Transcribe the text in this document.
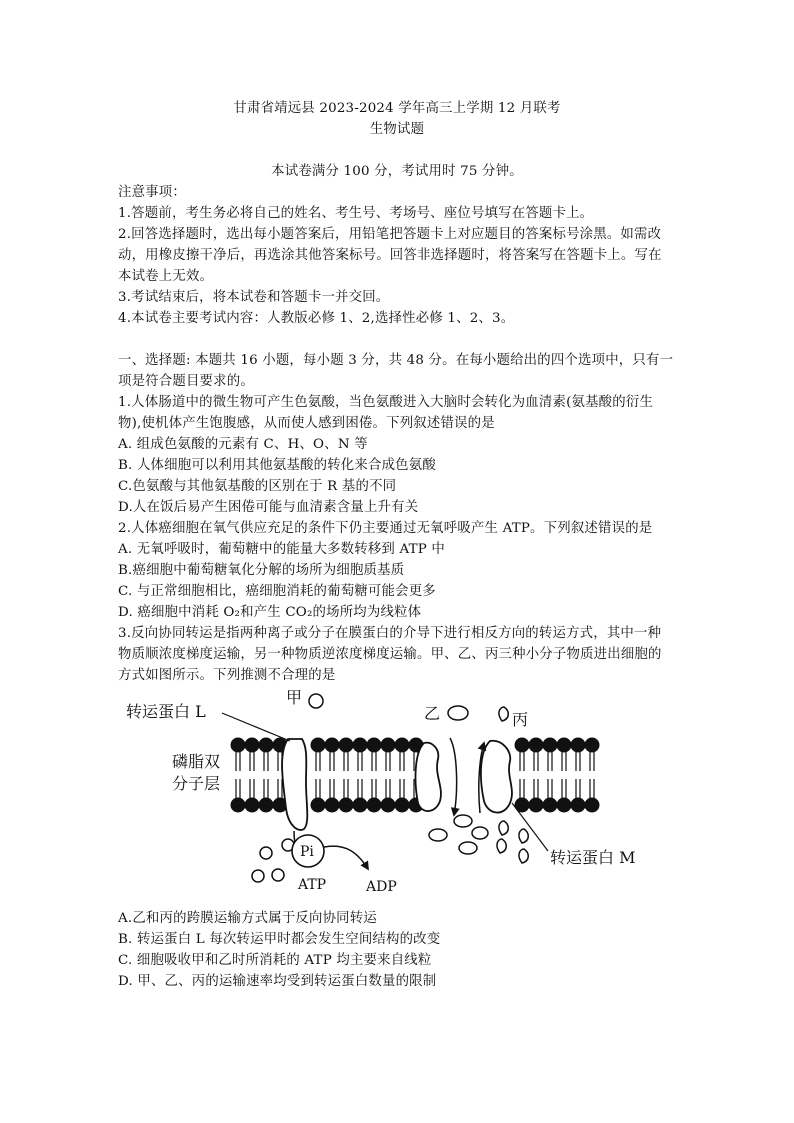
甘肃省靖远县 2023-2024 学年高三上学期 12 月联考
生物试题
本试卷满分 100 分，考试用时 75 分钟。
注意事项：
1.答题前，考生务必将自己的姓名、考生号、考场号、座位号填写在答题卡上。
2.回答选择题时，选出每小题答案后，用铅笔把答题卡上对应题目的答案标号涂黑。如需改
动，用橡皮擦干净后，再选涂其他答案标号。回答非选择题时，将答案写在答题卡上。写在
本试卷上无效。
3.考试结束后，将本试卷和答题卡一并交回。
4.本试卷主要考试内容：人教版必修 1、2,选择性必修 1、2、3。
一、选择题: 本题共 16 小题，每小题 3 分，共 48 分。在每小题给出的四个选项中，只有一
项是符合题目要求的。
1.人体肠道中的微生物可产生色氨酸，当色氨酸进入大脑时会转化为血清素(氨基酸的衍生
物),使机体产生饱腹感，从而使人感到困倦。下列叙述错误的是
A. 组成色氨酸的元素有 C、H、O、N 等
B. 人体细胞可以利用其他氨基酸的转化来合成色氨酸
C.色氨酸与其他氨基酸的区别在于 R 基的不同
D.人在饭后易产生困倦可能与血清素含量上升有关
2.人体癌细胞在氧气供应充足的条件下仍主要通过无氧呼吸产生 ATP。下列叙述错误的是
A. 无氧呼吸时，葡萄糖中的能量大多数转移到 ATP 中
B.癌细胞中葡萄糖氧化分解的场所为细胞质基质
C. 与正常细胞相比，癌细胞消耗的葡萄糖可能会更多
D. 癌细胞中消耗 O₂和产生 CO₂的场所均为线粒体
3.反向协同转运是指两种离子或分子在膜蛋白的介导下进行相反方向的转运方式，其中一种
物质顺浓度梯度运输，另一种物质逆浓度梯度运输。甲、乙、丙三种小分子物质进出细胞的
方式如图所示。下列推测不合理的是
转运蛋白 L
甲
乙	丙
磷脂双
分子层
Pi
ATP	ADP
转运蛋白 M
A.乙和丙的跨膜运输方式属于反向协同转运
B. 转运蛋白 L 每次转运甲时都会发生空间结构的改变
C. 细胞吸收甲和乙时所消耗的 ATP 均主要来自线粒
D. 甲、乙、丙的运输速率均受到转运蛋白数量的限制
